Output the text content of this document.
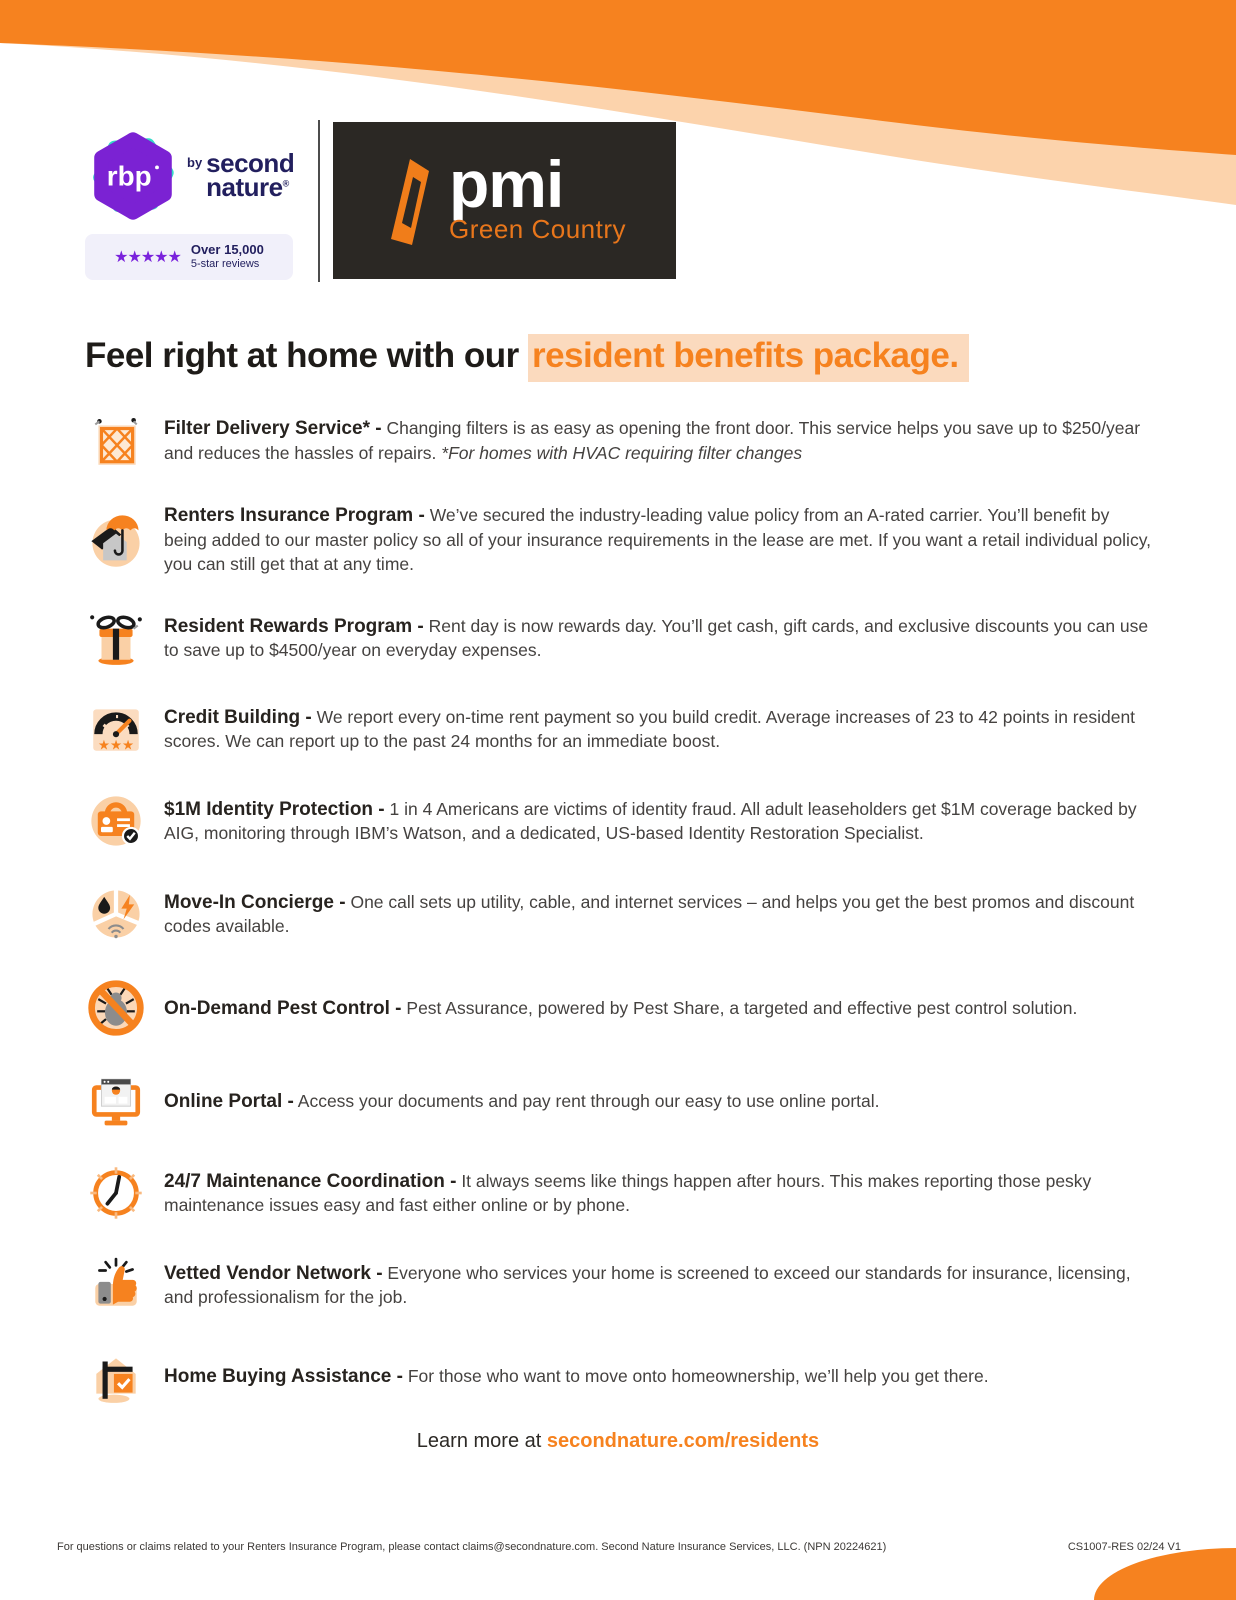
rbp	by second
nature®
★★★★★ Over 15,000
5-star reviews
pmi
Green Country
Feel right at home with our resident benefits package.

Filter Delivery Service* - Changing filters is as easy as opening the front door. This service helps you save up to $250/year and reduces the hassles of repairs. *For homes with HVAC requiring filter changes

Renters Insurance Program - We’ve secured the industry-leading value policy from an A-rated carrier. You’ll benefit by being added to our master policy so all of your insurance requirements in the lease are met. If you want a retail individual policy, you can still get that at any time.

Resident Rewards Program - Rent day is now rewards day. You’ll get cash, gift cards, and exclusive discounts you can use to save up to $4500/year on everyday expenses.

★★★

Credit Building - We report every on-time rent payment so you build credit. Average increases of 23 to 42 points in resident scores. We can report up to the past 24 months for an immediate boost.

$1M Identity Protection - 1 in 4 Americans are victims of identity fraud. All adult leaseholders get $1M coverage backed by AIG, monitoring through IBM’s Watson, and a dedicated, US-based Identity Restoration Specialist.

Move-In Concierge - One call sets up utility, cable, and internet services – and helps you get the best promos and discount codes available.

On-Demand Pest Control - Pest Assurance, powered by Pest Share, a targeted and effective pest control solution.

Online Portal - Access your documents and pay rent through our easy to use online portal.

24/7 Maintenance Coordination - It always seems like things happen after hours. This makes reporting those pesky maintenance issues easy and fast either online or by phone.

Vetted Vendor Network - Everyone who services your home is screened to exceed our standards for insurance, licensing, and professionalism for the job.

Home Buying Assistance - For those who want to move onto homeownership, we’ll help you get there.

Learn more at secondnature.com/residents
For questions or claims related to your Renters Insurance Program, please contact claims@secondnature.com. Second Nature Insurance Services, LLC. (NPN 20224621)	CS1007-RES 02/24 V1
